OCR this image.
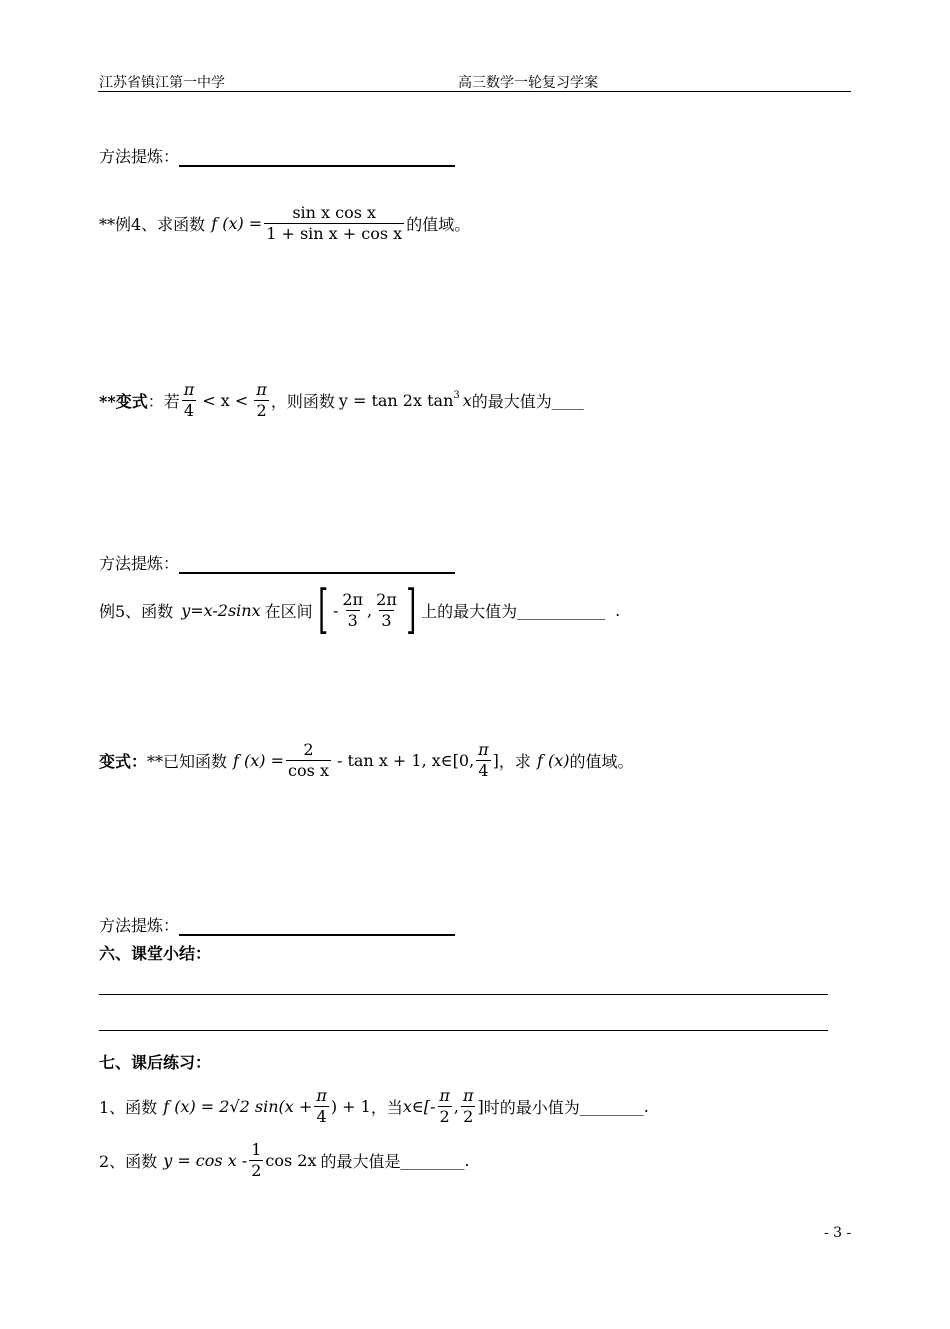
江苏省镇江第一中学	高三数学一轮复习学案
方法提炼：
**例4、求函数 f $(x) = \frac{\text{sin x cos x}}{\text{1 + sin x + cos x}}$ 的值域。
**变式 ：若 $\frac{\pi}{4} < x < \frac{\pi}{2}$ ，则函数 y = tan 2x $\tan^3 x$ 的最大值为 ____
方法提炼：
例5、函数 y=x-2sinx 在区间 [ - $\frac{2\pi}{3}$ , $\frac{2\pi}{3}$ ] 上的最大值为 ___________ .
变式： **已知函数 f $(x) = \frac{2}{\text{cos x}} - \tan x + 1$, x∈[0, $\frac{\pi}{4}$ ] ，求 f (x) 的值域。
方法提炼：
六、课堂小结：
七、课后练习：
1、函数 f (x) = 2√2 $\sin(x + \frac{\pi}{4}$ ) + 1 ，当 x∈[- $\frac{\pi}{2}$ , $\frac{\pi}{2}$ ] 时的最小值为 ________ .
2、函数 $y = \cos x - \frac{1}{2}$ cos 2x 的最大值是 ________ .
- 3 -
